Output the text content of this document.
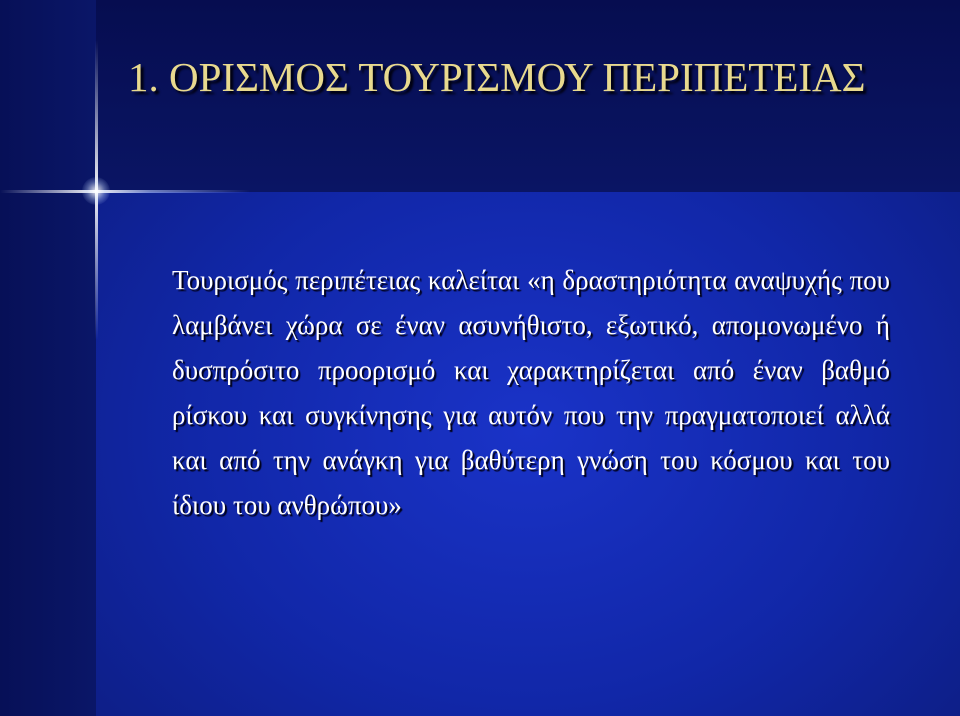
1. ΟΡΙΣΜΟΣ ΤΟΥΡΙΣΜΟΥ ΠΕΡΙΠΕΤΕΙΑΣ

Τουρισμός περιπέτειας καλείται «η δραστηριότητα αναψυχής που λαμβάνει χώρα σε έναν ασυνήθιστο, εξωτικό, απομονωμένο ή δυσπρόσιτο προορισμό και χαρακτηρίζεται από έναν βαθμό ρίσκου και συγκίνησης για αυτόν που την πραγματοποιεί αλλά και από την ανάγκη για βαθύτερη γνώση του κόσμου και του ίδιου του ανθρώπου»
